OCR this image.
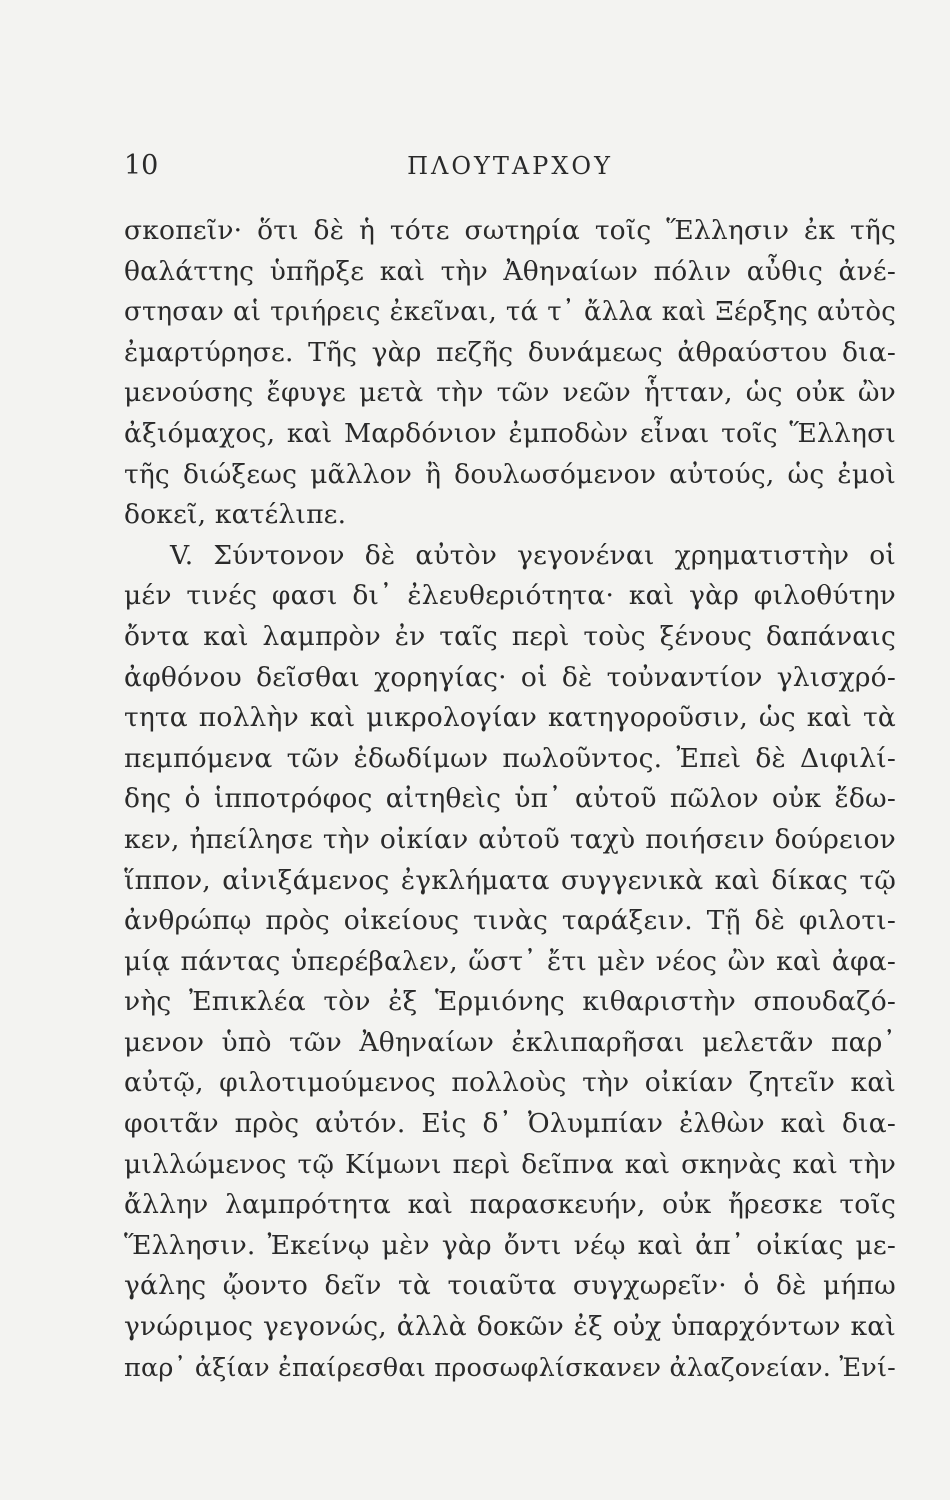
10	ΠΛΟΥΤΑΡΧΟΥ
σκοπεῖν· ὅτι δὲ ἡ τότε σωτηρία τοῖς Ἕλλησιν ἐκ τῆς
θαλάττης ὑπῆρξε καὶ τὴν Ἀθηναίων πόλιν αὖθις ἀνέ-
στησαν αἱ τριήρεις ἐκεῖναι, τά τ᾽ ἄλλα καὶ Ξέρξης αὐτὸς
ἐμαρτύρησε. Τῆς γὰρ πεζῆς δυνάμεως ἀθραύστου δια-
μενούσης ἔφυγε μετὰ τὴν τῶν νεῶν ἧτταν, ὡς οὐκ ὢν
ἀξιόμαχος, καὶ Μαρδόνιον ἐμποδὼν εἶναι τοῖς Ἕλλησι
τῆς διώξεως μᾶλλον ἢ δουλωσόμενον αὐτούς, ὡς ἐμοὶ
δοκεῖ, κατέλιπε.
V. Σύντονον δὲ αὐτὸν γεγονέναι χρηματιστὴν οἱ
μέν τινές φασι δι᾽ ἐλευθεριότητα· καὶ γὰρ φιλοθύτην
ὄντα καὶ λαμπρὸν ἐν ταῖς περὶ τοὺς ξένους δαπάναις
ἀφθόνου δεῖσθαι χορηγίας· οἱ δὲ τοὐναντίον γλισχρό-
τητα πολλὴν καὶ μικρολογίαν κατηγοροῦσιν, ὡς καὶ τὰ
πεμπόμενα τῶν ἐδωδίμων πωλοῦντος. Ἐπεὶ δὲ Διφιλί-
δης ὁ ἱπποτρόφος αἰτηθεὶς ὑπ᾽ αὐτοῦ πῶλον οὐκ ἔδω-
κεν, ἠπείλησε τὴν οἰκίαν αὐτοῦ ταχὺ ποιήσειν δούρειον
ἵππον, αἰνιξάμενος ἐγκλήματα συγγενικὰ καὶ δίκας τῷ
ἀνθρώπῳ πρὸς οἰκείους τινὰς ταράξειν. Τῇ δὲ φιλοτι-
μίᾳ πάντας ὑπερέβαλεν, ὥστ᾽ ἔτι μὲν νέος ὢν καὶ ἀφα-
νὴς Ἐπικλέα τὸν ἐξ Ἑρμιόνης κιθαριστὴν σπουδαζό-
μενον ὑπὸ τῶν Ἀθηναίων ἐκλιπαρῆσαι μελετᾶν παρ᾽
αὐτῷ, φιλοτιμούμενος πολλοὺς τὴν οἰκίαν ζητεῖν καὶ
φοιτᾶν πρὸς αὐτόν. Εἰς δ᾽ Ὀλυμπίαν ἐλθὼν καὶ δια-
μιλλώμενος τῷ Κίμωνι περὶ δεῖπνα καὶ σκηνὰς καὶ τὴν
ἄλλην λαμπρότητα καὶ παρασκευήν, οὐκ ἤρεσκε τοῖς
Ἕλλησιν. Ἐκείνῳ μὲν γὰρ ὄντι νέῳ καὶ ἀπ᾽ οἰκίας με-
γάλης ᾤοντο δεῖν τὰ τοιαῦτα συγχωρεῖν· ὁ δὲ μήπω
γνώριμος γεγονώς, ἀλλὰ δοκῶν ἐξ οὐχ ὑπαρχόντων καὶ
παρ᾽ ἀξίαν ἐπαίρεσθαι προσωφλίσκανεν ἀλαζονείαν. Ἐνί-
